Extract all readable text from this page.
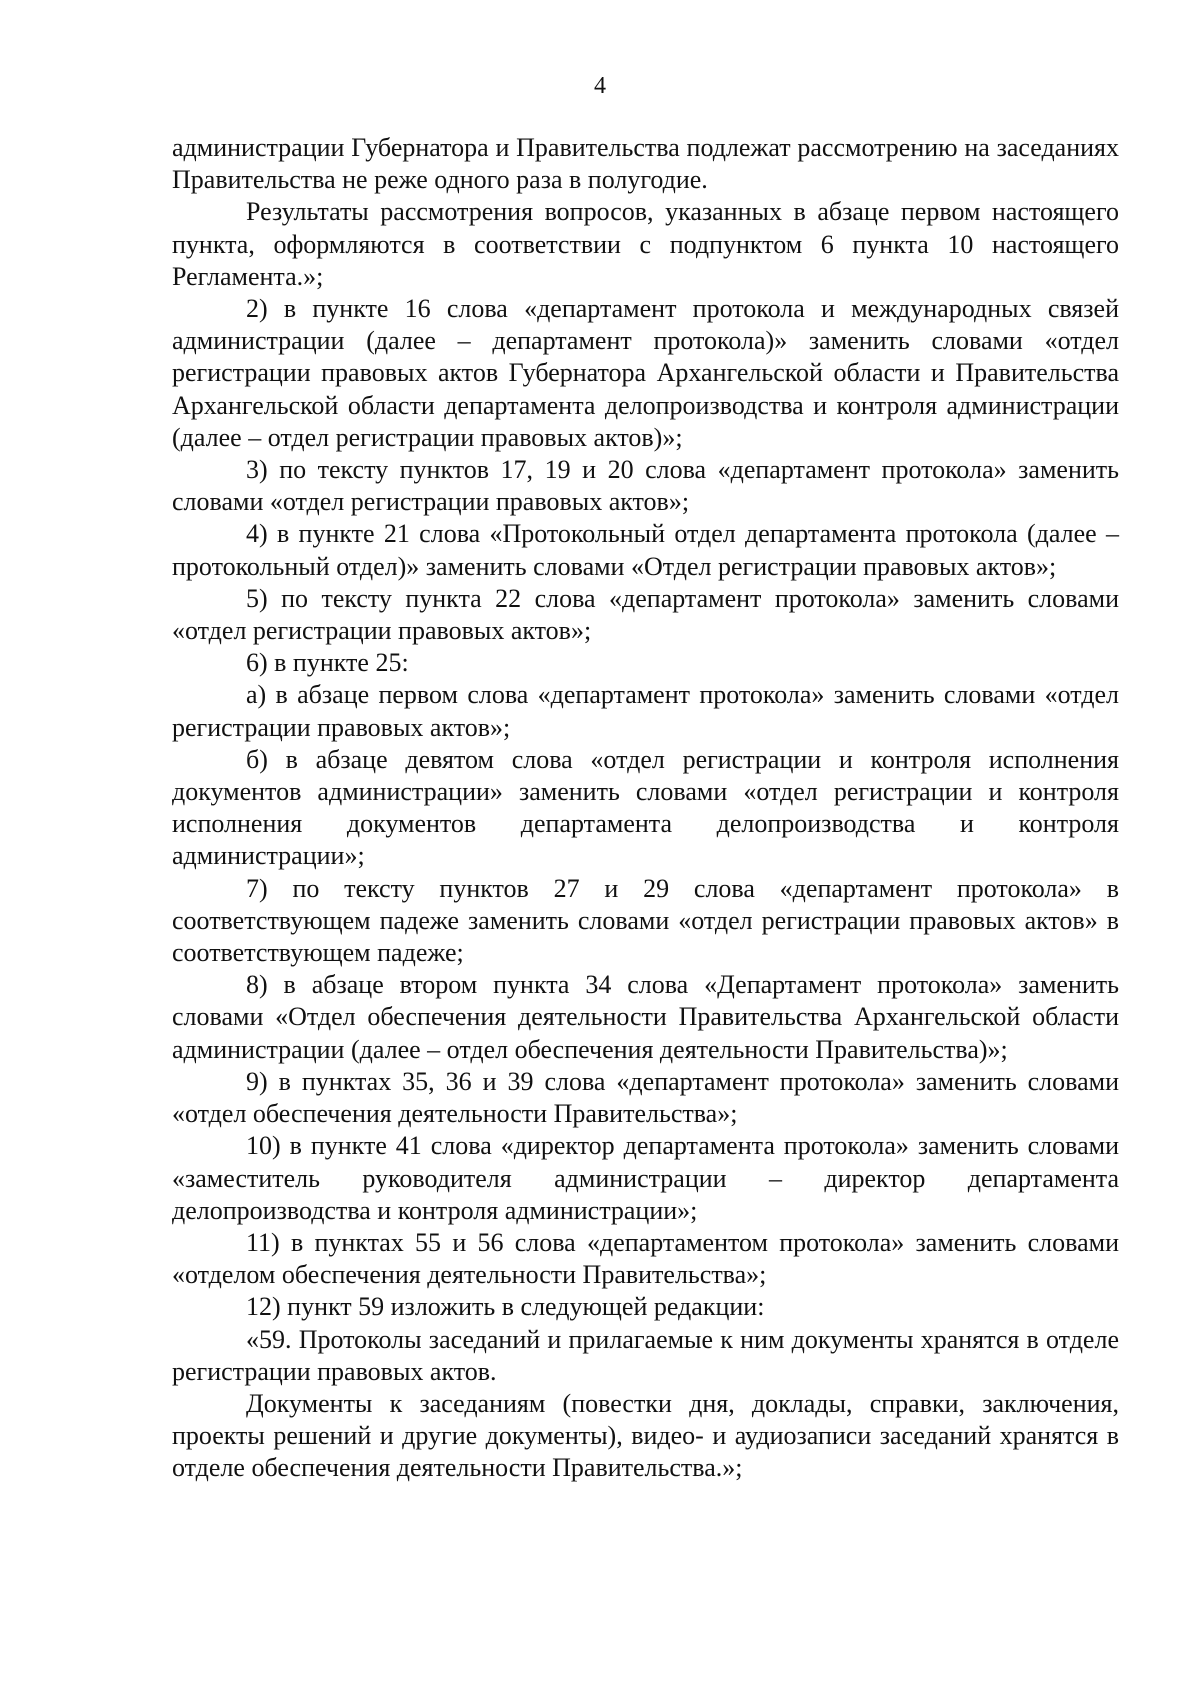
4

администрации Губернатора и Правительства подлежат рассмотрению на заседаниях Правительства не реже одного раза в полугодие.

Результаты рассмотрения вопросов, указанных в абзаце первом настоящего пункта, оформляются в соответствии с подпунктом 6 пункта 10 настоящего Регламента.»;

2) в пункте 16 слова «департамент протокола и международных связей администрации (далее – департамент протокола)» заменить словами «отдел регистрации правовых актов Губернатора Архангельской области и Правительства Архангельской области департамента делопроизводства и контроля администрации (далее – отдел регистрации правовых актов)»;

3) по тексту пунктов 17, 19 и 20 слова «департамент протокола» заменить словами «отдел регистрации правовых актов»;

4) в пункте 21 слова «Протокольный отдел департамента протокола (далее – протокольный отдел)» заменить словами «Отдел регистрации правовых актов»;

5) по тексту пункта 22 слова «департамент протокола» заменить словами «отдел регистрации правовых актов»;

6) в пункте 25:

а) в абзаце первом слова «департамент протокола» заменить словами «отдел регистрации правовых актов»;

б) в абзаце девятом слова «отдел регистрации и контроля исполнения документов администрации» заменить словами «отдел регистрации и контроля исполнения документов департамента делопроизводства и контроля администрации»;

7) по тексту пунктов 27 и 29 слова «департамент протокола» в соответствующем падеже заменить словами «отдел регистрации правовых актов» в соответствующем падеже;

8) в абзаце втором пункта 34 слова «Департамент протокола» заменить словами «Отдел обеспечения деятельности Правительства Архангельской области администрации (далее – отдел обеспечения деятельности Правительства)»;

9) в пунктах 35, 36 и 39 слова «департамент протокола» заменить словами «отдел обеспечения деятельности Правительства»;

10) в пункте 41 слова «директор департамента протокола» заменить словами «заместитель руководителя администрации – директор департамента делопроизводства и контроля администрации»;

11) в пунктах 55 и 56 слова «департаментом протокола» заменить словами «отделом обеспечения деятельности Правительства»;

12) пункт 59 изложить в следующей редакции:

«59. Протоколы заседаний и прилагаемые к ним документы хранятся в отделе регистрации правовых актов.

Документы к заседаниям (повестки дня, доклады, справки, заключения, проекты решений и другие документы), видео- и аудиозаписи заседаний хранятся в отделе обеспечения деятельности Правительства.»;
